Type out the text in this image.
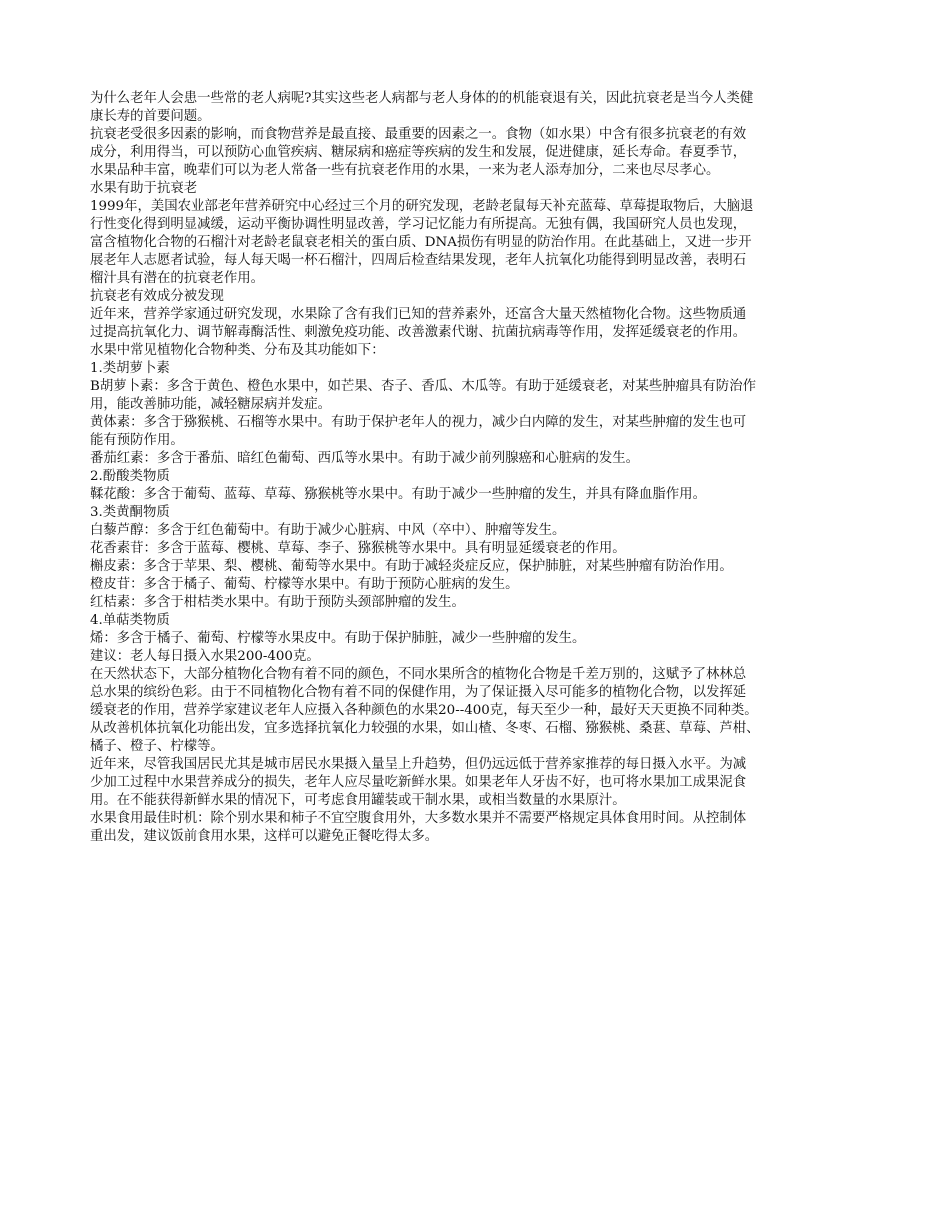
为什么老年人会患一些常的老人病呢?其实这些老人病都与老人身体的的机能衰退有关，因此抗衰老是当今人类健
康长寿的首要问题。
抗衰老受很多因素的影响，而食物营养是最直接、最重要的因素之一。食物（如水果）中含有很多抗衰老的有效
成分，利用得当，可以预防心血管疾病、糖尿病和癌症等疾病的发生和发展，促进健康，延长寿命。春夏季节，
水果品种丰富，晚辈们可以为老人常备一些有抗衰老作用的水果，一来为老人添寿加分，二来也尽尽孝心。
水果有助于抗衰老
1999年，美国农业部老年营养研究中心经过三个月的研究发现，老龄老鼠每天补充蓝莓、草莓提取物后，大脑退
行性变化得到明显减缓，运动平衡协调性明显改善，学习记忆能力有所提高。无独有偶，我国研究人员也发现，
富含植物化合物的石榴汁对老龄老鼠衰老相关的蛋白质、DNA损伤有明显的防治作用。在此基础上，又进一步开
展老年人志愿者试验，每人每天喝一杯石榴汁，四周后检查结果发现，老年人抗氧化功能得到明显改善，表明石
榴汁具有潜在的抗衰老作用。
抗衰老有效成分被发现
近年来，营养学家通过研究发现，水果除了含有我们已知的营养素外，还富含大量天然植物化合物。这些物质通
过提高抗氧化力、调节解毒酶活性、刺激免疫功能、改善激素代谢、抗菌抗病毒等作用，发挥延缓衰老的作用。
水果中常见植物化合物种类、分布及其功能如下：
1.类胡萝卜素
Β胡萝卜素：多含于黄色、橙色水果中，如芒果、杏子、香瓜、木瓜等。有助于延缓衰老，对某些肿瘤具有防治作
用，能改善肺功能，减轻糖尿病并发症。
黄体素：多含于猕猴桃、石榴等水果中。有助于保护老年人的视力，减少白内障的发生，对某些肿瘤的发生也可
能有预防作用。
番茄红素：多含于番茄、暗红色葡萄、西瓜等水果中。有助于减少前列腺癌和心脏病的发生。
2.酚酸类物质
鞣花酸：多含于葡萄、蓝莓、草莓、猕猴桃等水果中。有助于减少一些肿瘤的发生，并具有降血脂作用。
3.类黄酮物质
白藜芦醇：多含于红色葡萄中。有助于减少心脏病、中风（卒中）、肿瘤等发生。
花香素苷：多含于蓝莓、樱桃、草莓、李子、猕猴桃等水果中。具有明显延缓衰老的作用。
槲皮素：多含于苹果、梨、樱桃、葡萄等水果中。有助于减轻炎症反应，保护肺脏，对某些肿瘤有防治作用。
橙皮苷：多含于橘子、葡萄、柠檬等水果中。有助于预防心脏病的发生。
红桔素：多含于柑桔类水果中。有助于预防头颈部肿瘤的发生。
4.单萜类物质
烯：多含于橘子、葡萄、柠檬等水果皮中。有助于保护肺脏，减少一些肿瘤的发生。
建议：老人每日摄入水果200-400克。
在天然状态下，大部分植物化合物有着不同的颜色，不同水果所含的植物化合物是千差万别的，这赋予了林林总
总水果的缤纷色彩。由于不同植物化合物有着不同的保健作用，为了保证摄入尽可能多的植物化合物，以发挥延
缓衰老的作用，营养学家建议老年人应摄入各种颜色的水果20--400克，每天至少一种，最好天天更换不同种类。
从改善机体抗氧化功能出发，宜多选择抗氧化力较强的水果，如山楂、冬枣、石榴、猕猴桃、桑葚、草莓、芦柑、
橘子、橙子、柠檬等。
近年来，尽管我国居民尤其是城市居民水果摄入量呈上升趋势，但仍远远低于营养家推荐的每日摄入水平。为减
少加工过程中水果营养成分的损失，老年人应尽量吃新鲜水果。如果老年人牙齿不好，也可将水果加工成果泥食
用。在不能获得新鲜水果的情况下，可考虑食用罐装或干制水果，或相当数量的水果原汁。
水果食用最佳时机：除个别水果和柿子不宜空腹食用外，大多数水果并不需要严格规定具体食用时间。从控制体
重出发，建议饭前食用水果，这样可以避免正餐吃得太多。
